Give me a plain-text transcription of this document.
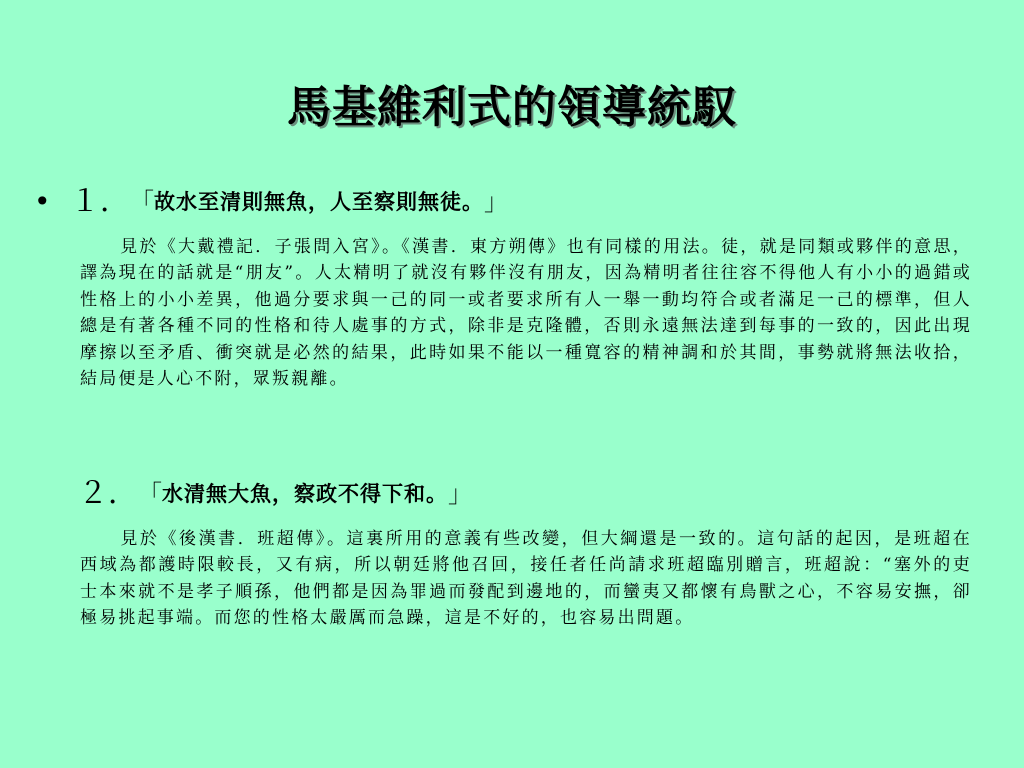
馬基維利式的領導統馭
• １． 「 故水至清則無魚，人至察則無徒。 」
見於《大戴禮記．子張問入宮》。《漢書．東方朔傳》也有同樣的用法。徒，就是同類或夥伴的意思，譯為現在的話就是“朋友”。人太精明了就沒有夥伴沒有朋友，因為精明者往往容不得他人有小小的過錯或性格上的小小差異，他過分要求與一己的同一或者要求所有人一舉一動均符合或者滿足一己的標準，但人總是有著各種不同的性格和待人處事的方式，除非是克隆體，否則永遠無法達到每事的一致的，因此出現摩擦以至矛盾、衝突就是必然的結果，此時如果不能以一種寬容的精神調和於其間，事勢就將無法收拾，結局便是人心不附，眾叛親離。
２． 「 水清無大魚，察政不得下和。 」
見於《後漢書．班超傳》。這裏所用的意義有些改變，但大綱還是一致的。這句話的起因，是班超在西域為都護時限較長，又有病，所以朝廷將他召回，接任者任尚請求班超臨別贈言，班超說：“塞外的吏士本來就不是孝子順孫，他們都是因為罪過而發配到邊地的，而蠻夷又都懷有鳥獸之心，不容易安撫，卻極易挑起事端。而您的性格太嚴厲而急躁，這是不好的，也容易出問題。
